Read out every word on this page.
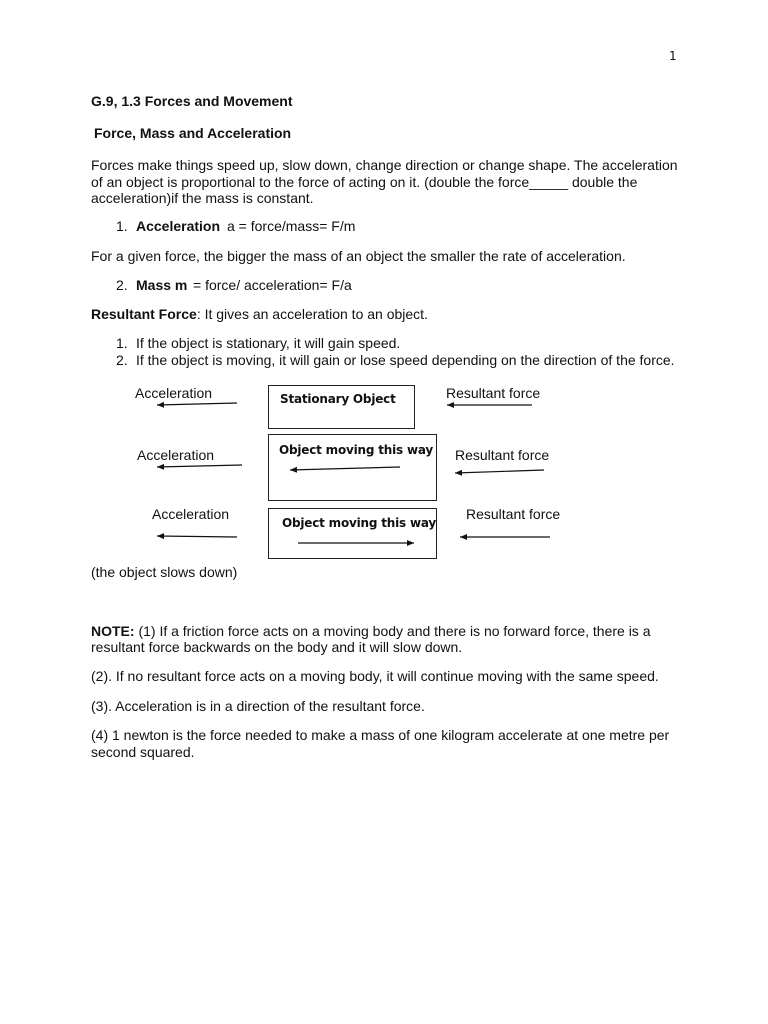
1
G.9, 1.3 Forces and Movement
Force, Mass and Acceleration
Forces make things speed up, slow down, change direction or change shape. The acceleration
of an object is proportional to the force of acting on it. (double the force_____ double the
acceleration)if the mass is constant.
1. Acceleration a = force/mass= F/m
For a given force, the bigger the mass of an object the smaller the rate of acceleration.
2. Mass m = force/ acceleration= F/a
Resultant Force: It gives an acceleration to an object.
1. If the object is stationary, it will gain speed.
2. If the object is moving, it will gain or lose speed depending on the direction of the force.
Acceleration	Stationary Object	Resultant force
Acceleration	Object moving this way Resultant force
Acceleration
Object moving this way
Resultant force
(the object slows down)
NOTE: (1) If a friction force acts on a moving body and there is no forward force, there is a
resultant force backwards on the body and it will slow down.
(2). If no resultant force acts on a moving body, it will continue moving with the same speed.
(3). Acceleration is in a direction of the resultant force.
(4) 1 newton is the force needed to make a mass of one kilogram accelerate at one metre per
second squared.
